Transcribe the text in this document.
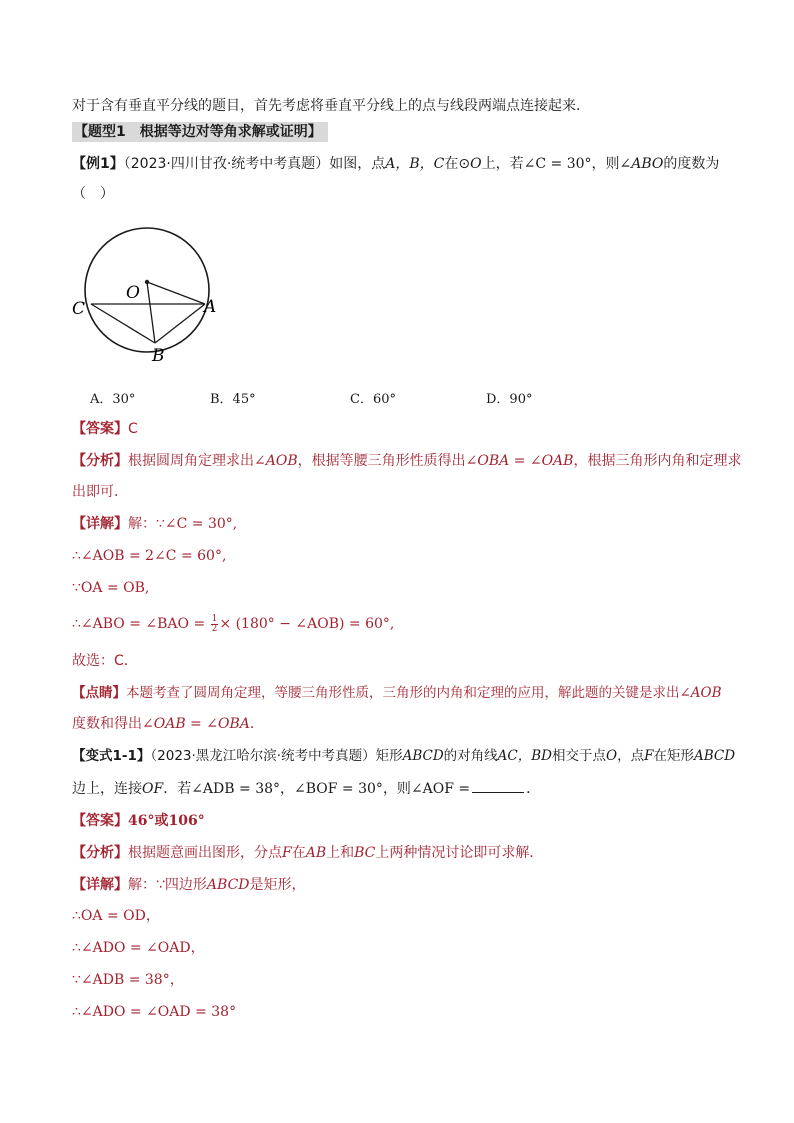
对于含有垂直平分线的题目，首先考虑将垂直平分线上的点与线段两端点连接起来．
【题型1　根据等边对等角求解或证明】
【例1】（2023·四川甘孜·统考中考真题）如图，点A，B，C在⊙O上，若∠C = 30°，则∠ABO的度数为
（　）
O
A
C
B
A．30°	B．45°	C．60°	D．90°
【答案】C
【分析】根据圆周角定理求出∠AOB，根据等腰三角形性质得出∠OBA = ∠OAB，根据三角形内角和定理求
出即可．
【详解】解：∵∠C = 30°,
∴∠AOB = 2∠C = 60°,
∵OA = OB,
∴∠ABO = ∠BAO = $\frac{1}{2} \times (180^\circ$ − ∠AOB) = 60°,
故选：C．
【点睛】本题考查了圆周角定理，等腰三角形性质，三角形的内角和定理的应用，解此题的关键是求出∠AOB
度数和得出∠OAB = ∠OBA．
【变式1-1】（2023·黑龙江哈尔滨·统考中考真题）矩形ABCD的对角线AC，BD相交于点O，点F在矩形ABCD
边上，连接OF．若∠ADB = 38°，∠BOF = 30°，则∠AOF =	．
【答案】46°或106°
【分析】根据题意画出图形，分点F在AB上和BC上两种情况讨论即可求解．
【详解】解：∵四边形ABCD是矩形，
∴OA = OD，
∴∠ADO = ∠OAD，
∵∠ADB = 38°，
∴∠ADO = ∠OAD = 38°
